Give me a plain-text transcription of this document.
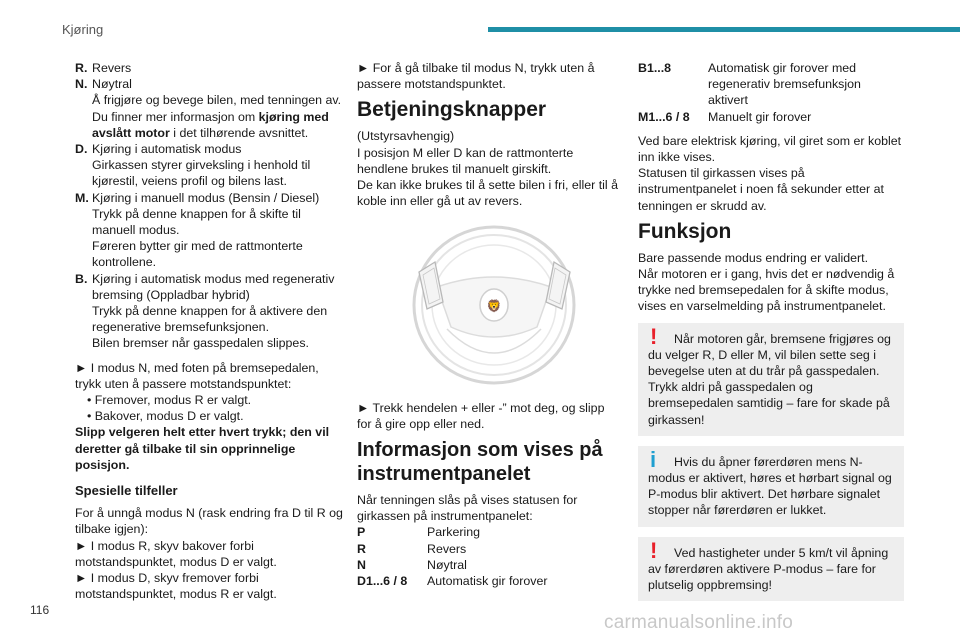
Kjøring
R. Revers
N. Nøytral
Å frigjøre og bevege bilen, med tenningen av. Du finner mer informasjon om kjøring med avslått motor i det tilhørende avsnittet.
D. Kjøring i automatisk modus
Girkassen styrer girveksling i henhold til kjørestil, veiens profil og bilens last.
M. Kjøring i manuell modus (Bensin / Diesel)
Trykk på denne knappen for å skifte til manuell modus.
Føreren bytter gir med de rattmonterte kontrollene.
B. Kjøring i automatisk modus med regenerativ bremsing (Oppladbar hybrid)
Trykk på denne knappen for å aktivere den regenerative bremsefunksjonen.
Bilen bremser når gasspedalen slippes.

► I modus N, med foten på bremsepedalen, trykk uten å passere motstandspunktet:

• Fremover, modus R er valgt.
• Bakover, modus D er valgt.

Slipp velgeren helt etter hvert trykk; den vil deretter gå tilbake til sin opprinnelige posisjon.

Spesielle tilfeller

For å unngå modus N (rask endring fra D til R og tilbake igjen):

► I modus R, skyv bakover forbi motstandspunktet, modus D er valgt.
► I modus D, skyv fremover forbi motstandspunktet, modus R er valgt.

► For å gå tilbake til modus N, trykk uten å passere motstandspunktet.

Betjeningsknapper
(Utstyrsavhengig)
I posisjon M eller D kan de rattmonterte hendlene brukes til manuelt girskift.

De kan ikke brukes til å sette bilen i fri, eller til å koble inn eller gå ut av revers.

🦁

► Trekk hendelen + eller -” mot deg, og slipp for å gire opp eller ned.

Informasjon som vises på instrumentpanelet
Når tenningen slås på vises statusen for girkassen på instrumentpanelet:
P	Parkering
R	Revers
N	Nøytral
D1...6 / 8	Automatisk gir forover
B1...8	Automatisk gir forover med regenerativ bremsefunksjon aktivert
M1...6 / 8	Manuelt gir forover
Ved bare elektrisk kjøring, vil giret som er koblet inn ikke vises.

Statusen til girkassen vises på instrumentpanelet i noen få sekunder etter at tenningen er skrudd av.

Funksjon
Bare passende modus endring er validert.

Når motoren er i gang, hvis det er nødvendig å trykke ned bremsepedalen for å skifte modus, vises en varselmelding på instrumentpanelet.

!	Når motoren går, bremsene frigjøres og du velger R, D eller M, vil bilen sette seg i bevegelse uten at du trår på gasspedalen. Trykk aldri på gasspedalen og bremsepedalen samtidig – fare for skade på girkassen!
i	Hvis du åpner førerdøren mens N-modus er aktivert, høres et hørbart signal og P-modus blir aktivert. Det hørbare signalet stopper når førerdøren er lukket.
!	Ved hastigheter under 5 km/t vil åpning av førerdøren aktivere P-modus – fare for plutselig oppbremsing!
116
carmanualsonline.info
